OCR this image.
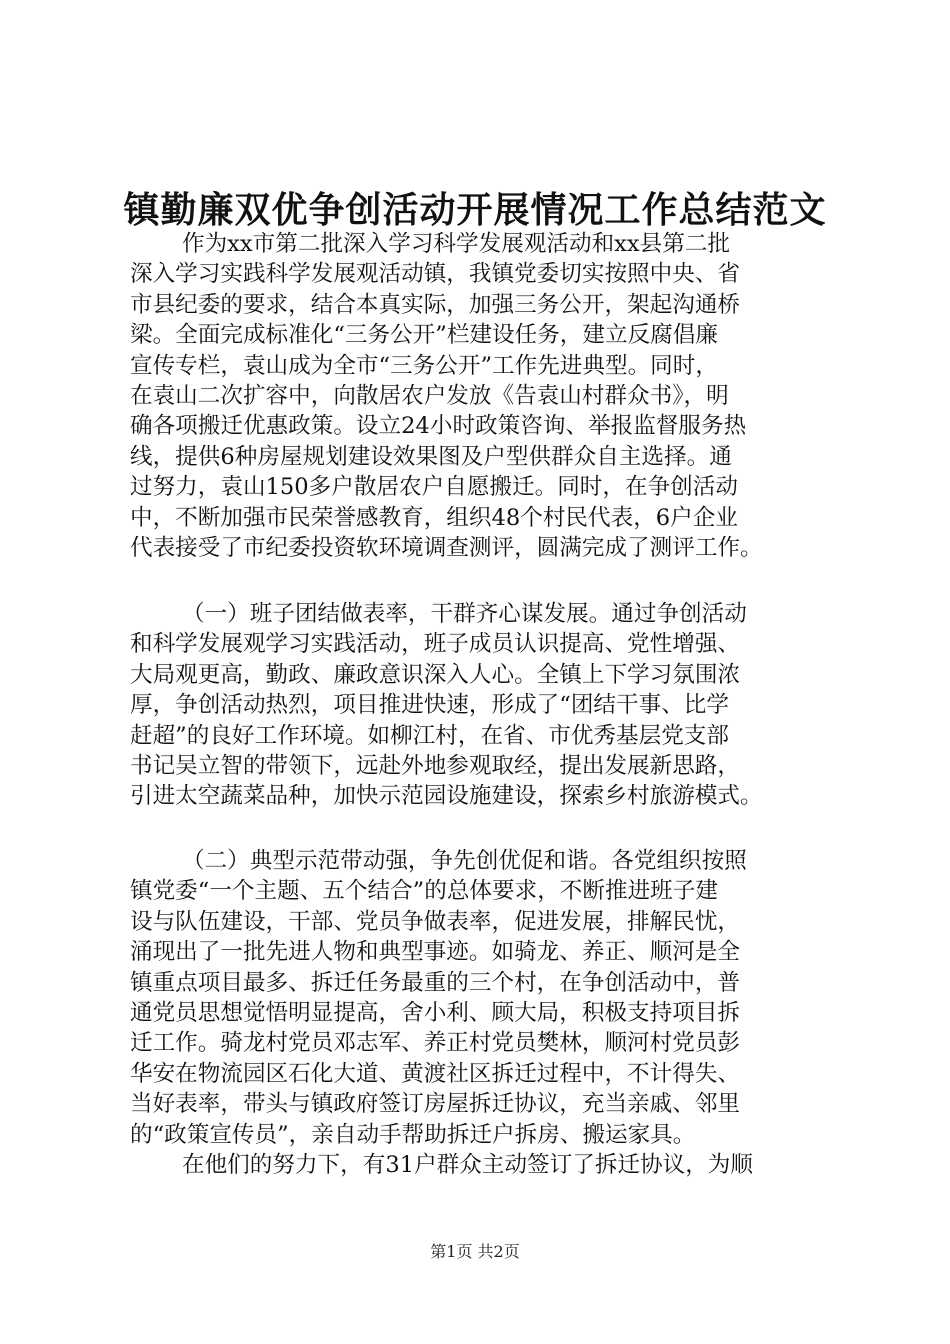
镇勤廉双优争创活动开展情况工作总结范文
作为xx市第二批深入学习科学发展观活动和xx县第二批
深入学习实践科学发展观活动镇，我镇党委切实按照中央、省
市县纪委的要求，结合本真实际，加强三务公开，架起沟通桥
梁。全面完成标准化“三务公开”栏建设任务，建立反腐倡廉
宣传专栏，袁山成为全市“三务公开”工作先进典型。同时，
在袁山二次扩容中，向散居农户发放《告袁山村群众书》，明
确各项搬迁优惠政策。设立24小时政策咨询、举报监督服务热
线，提供6种房屋规划建设效果图及户型供群众自主选择。通
过努力，袁山150多户散居农户自愿搬迁。同时，在争创活动
中，不断加强市民荣誉感教育，组织48个村民代表，6户企业
代表接受了市纪委投资软环境调查测评，圆满完成了测评工作。
（一）班子团结做表率，干群齐心谋发展。通过争创活动
和科学发展观学习实践活动，班子成员认识提高、党性增强、
大局观更高，勤政、廉政意识深入人心。全镇上下学习氛围浓
厚，争创活动热烈，项目推进快速，形成了“团结干事、比学
赶超”的良好工作环境。如柳江村，在省、市优秀基层党支部
书记吴立智的带领下，远赴外地参观取经，提出发展新思路，
引进太空蔬菜品种，加快示范园设施建设，探索乡村旅游模式。
（二）典型示范带动强，争先创优促和谐。各党组织按照
镇党委“一个主题、五个结合”的总体要求，不断推进班子建
设与队伍建设，干部、党员争做表率，促进发展，排解民忧，
涌现出了一批先进人物和典型事迹。如骑龙、养正、顺河是全
镇重点项目最多、拆迁任务最重的三个村，在争创活动中，普
通党员思想觉悟明显提高，舍小利、顾大局，积极支持项目拆
迁工作。骑龙村党员邓志军、养正村党员樊林，顺河村党员彭
华安在物流园区石化大道、黄渡社区拆迁过程中，不计得失、
当好表率，带头与镇政府签订房屋拆迁协议，充当亲戚、邻里
的“政策宣传员”，亲自动手帮助拆迁户拆房、搬运家具。
在他们的努力下，有31户群众主动签订了拆迁协议，为顺
第1页 共2页
